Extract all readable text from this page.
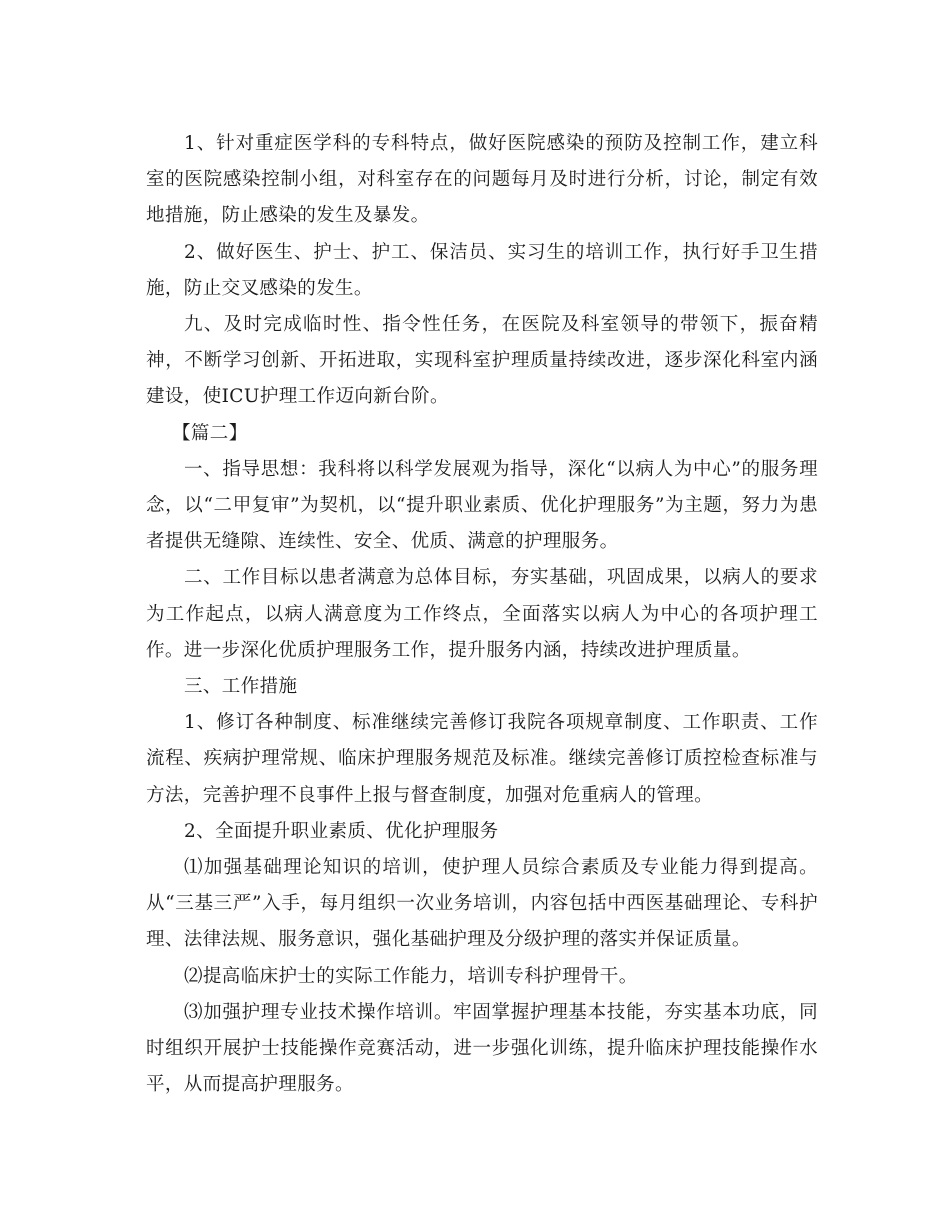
1、针对重症医学科的专科特点，做好医院感染的预防及控制工作，建立科室的医院感染控制小组，对科室存在的问题每月及时进行分析，讨论，制定有效地措施，防止感染的发生及暴发。

2、做好医生、护士、护工、保洁员、实习生的培训工作，执行好手卫生措施，防止交叉感染的发生。

九、及时完成临时性、指令性任务，在医院及科室领导的带领下，振奋精神，不断学习创新、开拓进取，实现科室护理质量持续改进，逐步深化科室内涵建设，使ICU护理工作迈向新台阶。

【篇二】

一、指导思想：我科将以科学发展观为指导，深化“以病人为中心”的服务理念，以“二甲复审”为契机，以“提升职业素质、优化护理服务”为主题，努力为患者提供无缝隙、连续性、安全、优质、满意的护理服务。

二、工作目标以患者满意为总体目标，夯实基础，巩固成果，以病人的要求为工作起点，以病人满意度为工作终点，全面落实以病人为中心的各项护理工作。进一步深化优质护理服务工作，提升服务内涵，持续改进护理质量。

三、工作措施

1、修订各种制度、标准继续完善修订我院各项规章制度、工作职责、工作流程、疾病护理常规、临床护理服务规范及标准。继续完善修订质控检查标准与方法，完善护理不良事件上报与督查制度，加强对危重病人的管理。

2、全面提升职业素质、优化护理服务

⑴加强基础理论知识的培训，使护理人员综合素质及专业能力得到提高。从“三基三严”入手，每月组织一次业务培训，内容包括中西医基础理论、专科护理、法律法规、服务意识，强化基础护理及分级护理的落实并保证质量。

⑵提高临床护士的实际工作能力，培训专科护理骨干。

⑶加强护理专业技术操作培训。牢固掌握护理基本技能，夯实基本功底，同时组织开展护士技能操作竞赛活动，进一步强化训练，提升临床护理技能操作水平，从而提高护理服务。
